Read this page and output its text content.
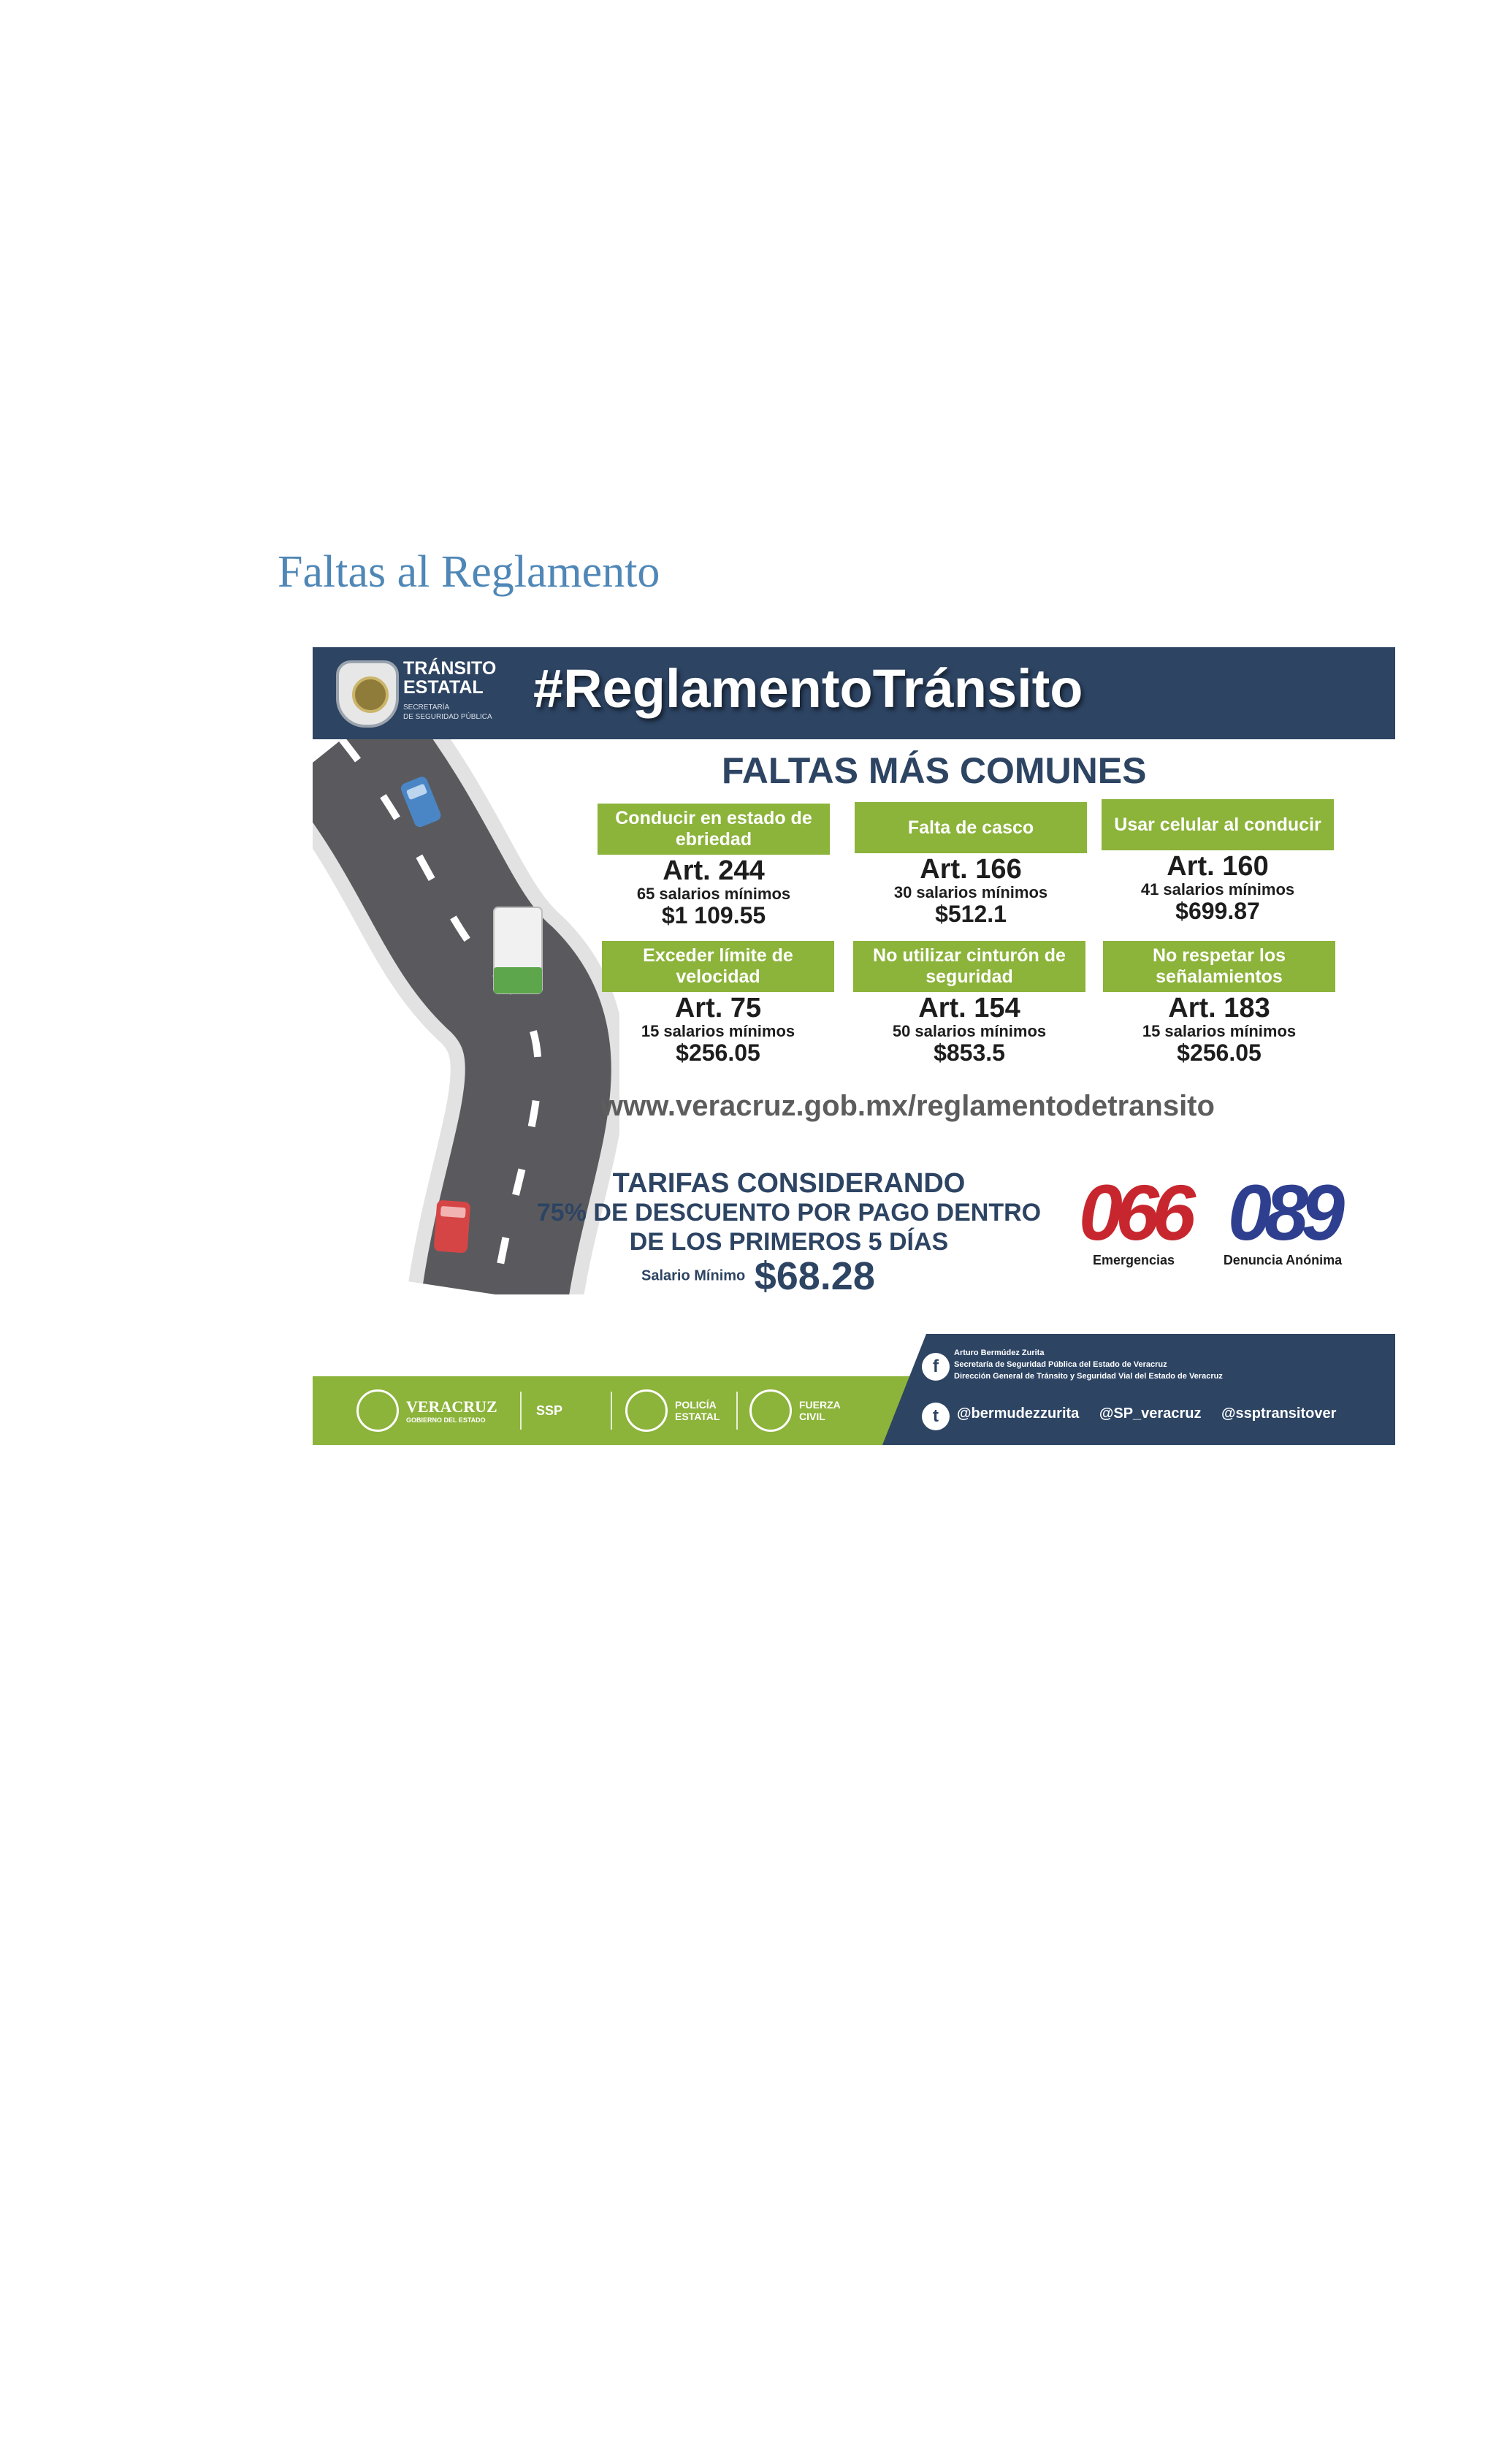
Faltas al Reglamento
TRÁNSITO
ESTATAL
SECRETARÍA
DE SEGURIDAD PÚBLICA #ReglamentoTránsito
FALTAS MÁS COMUNES
Conducir en estado de ebriedad
Art. 244
65 salarios mínimos
$1 109.55
Falta de casco
Art. 166
30 salarios mínimos
$512.1
Usar celular al conducir
Art. 160
41 salarios mínimos
$699.87
Exceder límite de velocidad
Art. 75
15 salarios mínimos
$256.05
No utilizar cinturón de seguridad
Art. 154
50 salarios mínimos
$853.5
No respetar los señalamientos
Art. 183
15 salarios mínimos
$256.05
www.veracruz.gob.mx/reglamentodetransito
TARIFAS CONSIDERANDO
75% DE DESCUENTO POR PAGO DENTRO
DE LOS PRIMEROS 5 DÍAS
Salario Mínimo $68.28
066
Emergencias
089
Denuncia Anónima
VERACRUZ
GOBIERNO DEL ESTADO
SSP	POLICÍA ESTATAL
FUERZA CIVIL
f
Arturo Bermúdez Zurita
Secretaría de Seguridad Pública del Estado de Veracruz
Dirección General de Tránsito y Seguridad Vial del Estado de Veracruz
t	@bermudezzurita @SP_veracruz @ssptransitover
